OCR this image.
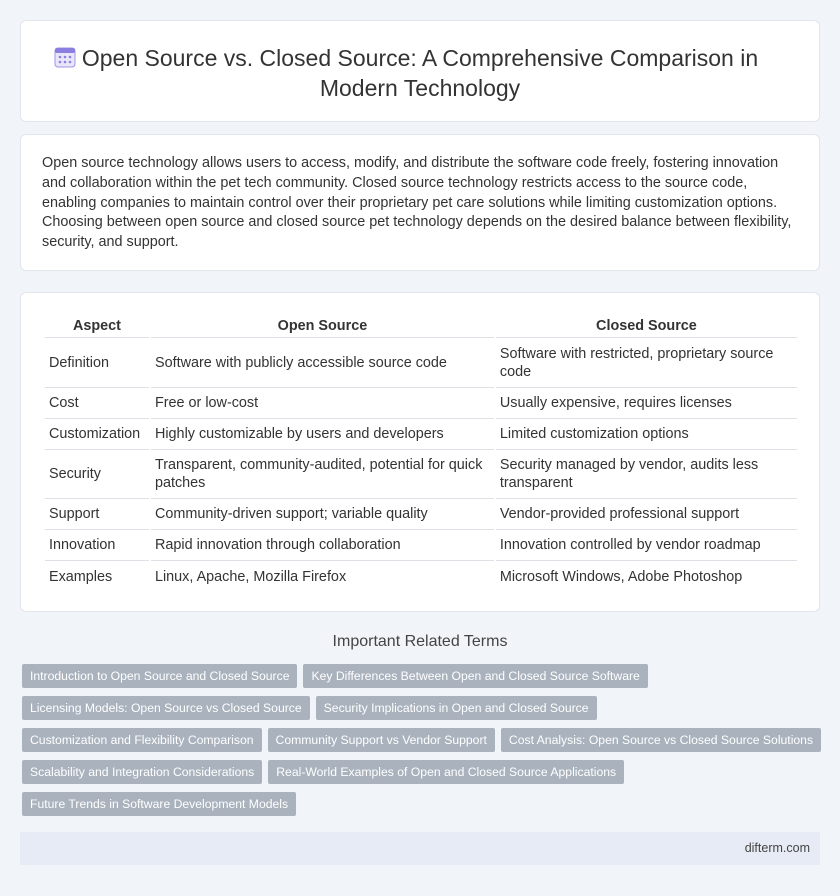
Open Source vs. Closed Source: A Comprehensive Comparison in Modern Technology

Open source technology allows users to access, modify, and distribute the software code freely, fostering innovation and collaboration within the pet tech community. Closed source technology restricts access to the source code, enabling companies to maintain control over their proprietary pet care solutions while limiting customization options. Choosing between open source and closed source pet technology depends on the desired balance between flexibility, security, and support.

Aspect	Open Source	Closed Source
Definition	Software with publicly accessible source code	Software with restricted, proprietary source code
Cost	Free or low-cost	Usually expensive, requires licenses
Customization	Highly customizable by users and developers	Limited customization options
Security	Transparent, community-audited, potential for quick patches	Security managed by vendor, audits less transparent
Support	Community-driven support; variable quality	Vendor-provided professional support
Innovation	Rapid innovation through collaboration	Innovation controlled by vendor roadmap
Examples	Linux, Apache, Mozilla Firefox	Microsoft Windows, Adobe Photoshop
Important Related Terms
Introduction to Open Source and Closed Source	Key Differences Between Open and Closed Source Software
Licensing Models: Open Source vs Closed Source	Security Implications in Open and Closed Source
Customization and Flexibility Comparison	Community Support vs Vendor Support	Cost Analysis: Open Source vs Closed Source Solutions
Scalability and Integration Considerations	Real-World Examples of Open and Closed Source Applications
Future Trends in Software Development Models
difterm.com
